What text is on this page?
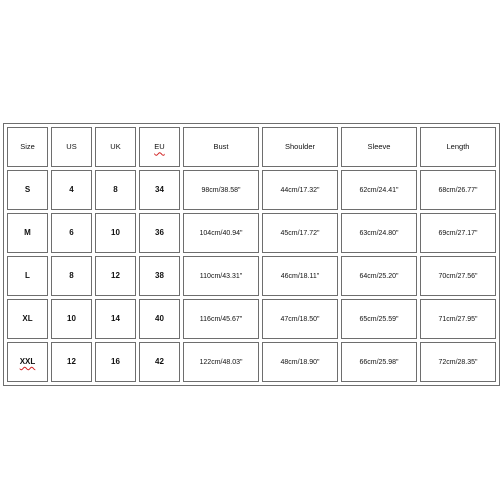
Size	US	UK	EU	Bust	Shoulder	Sleeve	Length
S	4	8	34	98cm/38.58"	44cm/17.32"	62cm/24.41"	68cm/26.77"
M	6	10	36	104cm/40.94"	45cm/17.72"	63cm/24.80"	69cm/27.17"
L	8	12	38	110cm/43.31"	46cm/18.11"	64cm/25.20"	70cm/27.56"
XL	10	14	40	116cm/45.67"	47cm/18.50"	65cm/25.59"	71cm/27.95"
XXL	12	16	42	122cm/48.03"	48cm/18.90"	66cm/25.98"	72cm/28.35"
